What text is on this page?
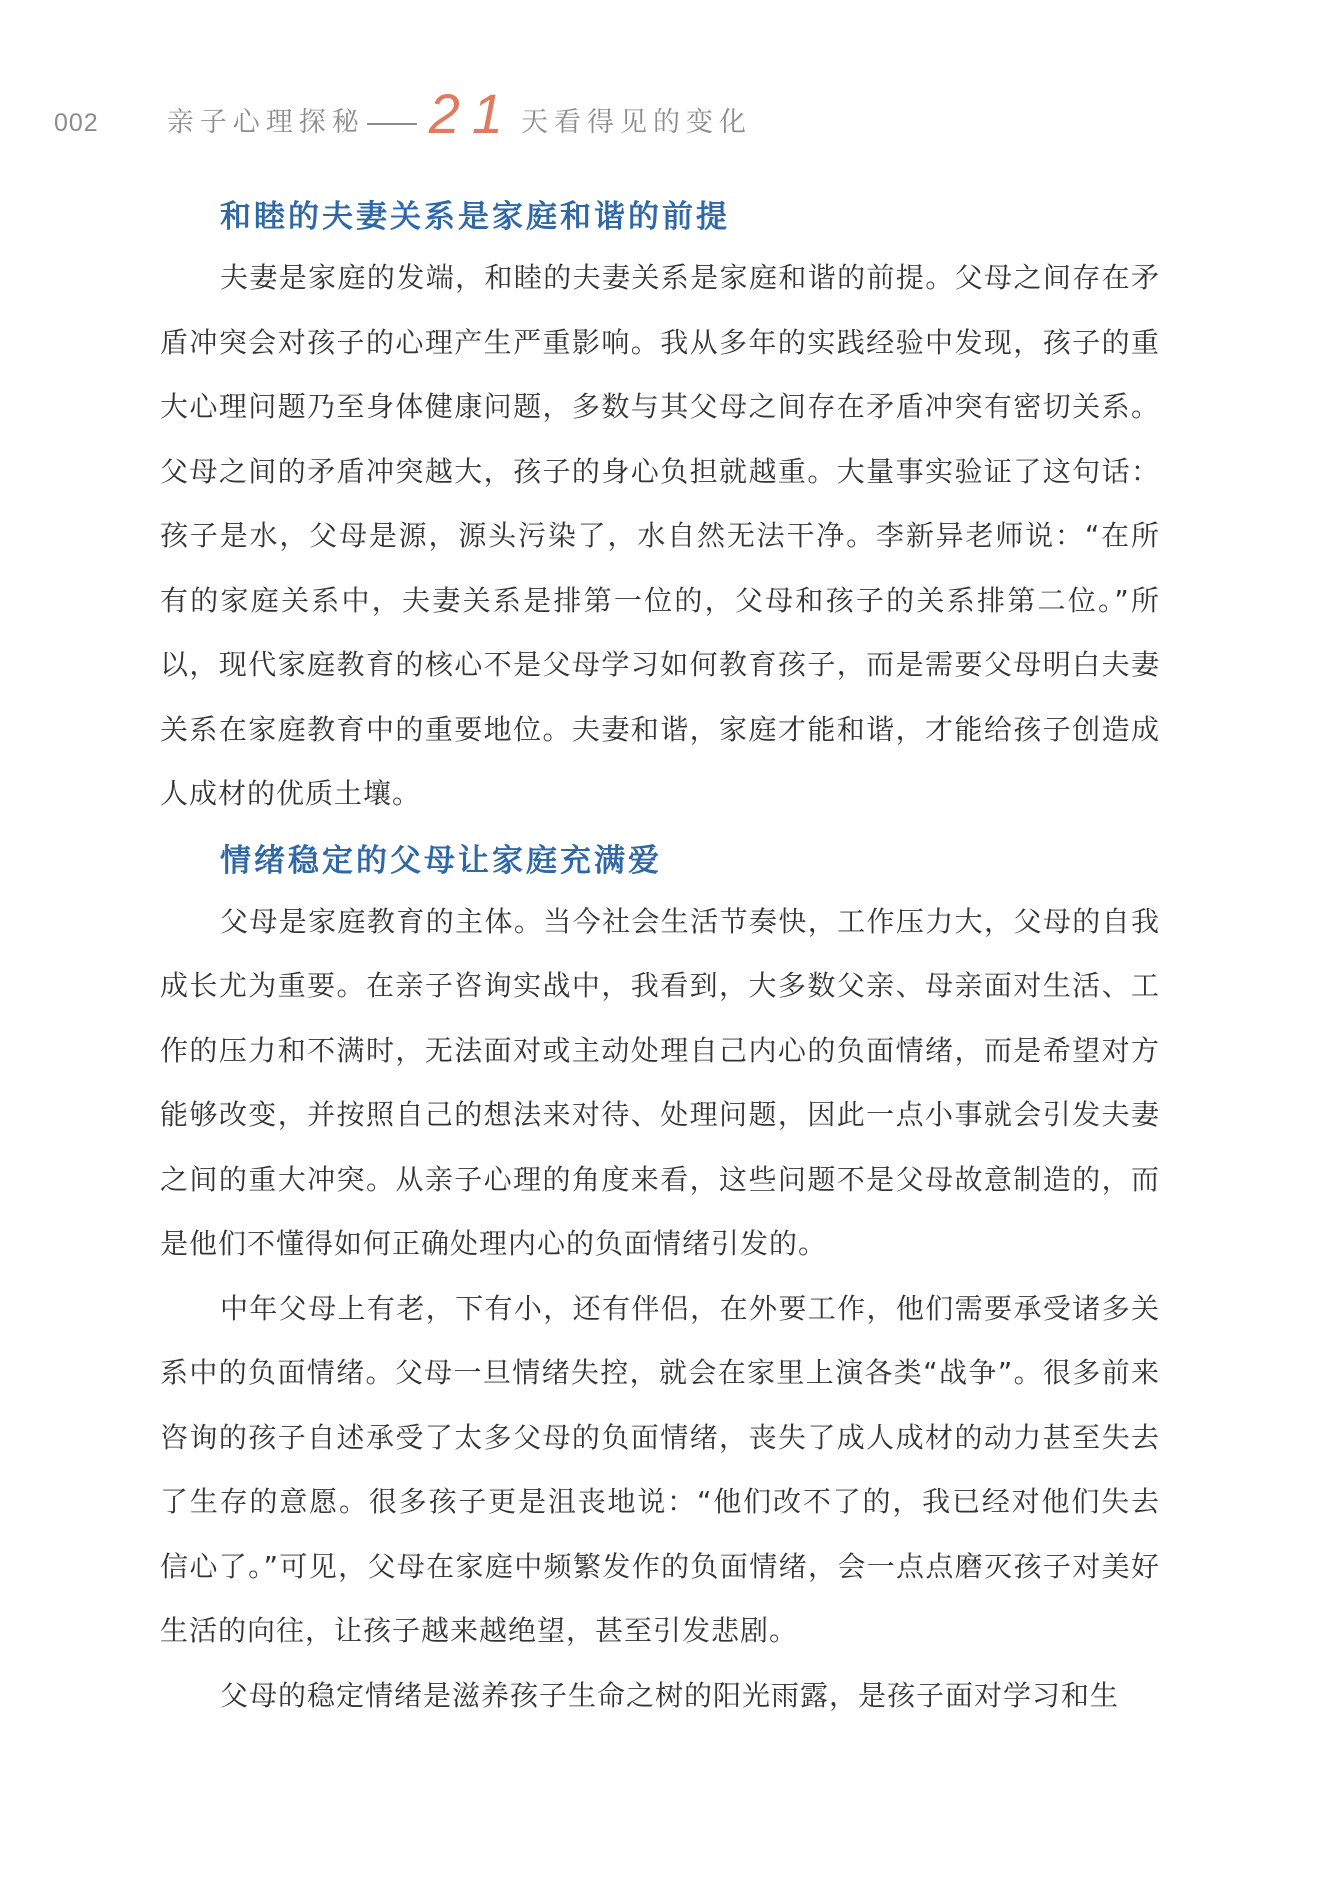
002	亲子心理探秘 21 天看得见的变化
和睦的夫妻关系是家庭和谐的前提

夫妻是家庭的发端，和睦的夫妻关系是家庭和谐的前提。父母之间存在矛盾冲突会对孩子的心理产生严重影响。我从多年的实践经验中发现，孩子的重大心理问题乃至身体健康问题，多数与其父母之间存在矛盾冲突有密切关系。父母之间的矛盾冲突越大，孩子的身心负担就越重。大量事实验证了这句话：孩子是水，父母是源，源头污染了，水自然无法干净。李新异老师说：“在所有的家庭关系中，夫妻关系是排第一位的，父母和孩子的关系排第二位。”所以，现代家庭教育的核心不是父母学习如何教育孩子，而是需要父母明白夫妻关系在家庭教育中的重要地位。夫妻和谐，家庭才能和谐，才能给孩子创造成人成材的优质土壤。

情绪稳定的父母让家庭充满爱

父母是家庭教育的主体。当今社会生活节奏快，工作压力大，父母的自我成长尤为重要。在亲子咨询实战中，我看到，大多数父亲、母亲面对生活、工作的压力和不满时，无法面对或主动处理自己内心的负面情绪，而是希望对方能够改变，并按照自己的想法来对待、处理问题，因此一点小事就会引发夫妻之间的重大冲突。从亲子心理的角度来看，这些问题不是父母故意制造的，而是他们不懂得如何正确处理内心的负面情绪引发的。

中年父母上有老，下有小，还有伴侣，在外要工作，他们需要承受诸多关系中的负面情绪。父母一旦情绪失控，就会在家里上演各类“战争”。很多前来咨询的孩子自述承受了太多父母的负面情绪，丧失了成人成材的动力甚至失去了生存的意愿。很多孩子更是沮丧地说：“他们改不了的，我已经对他们失去信心了。”可见，父母在家庭中频繁发作的负面情绪，会一点点磨灭孩子对美好生活的向往，让孩子越来越绝望，甚至引发悲剧。

父母的稳定情绪是滋养孩子生命之树的阳光雨露，是孩子面对学习和生
